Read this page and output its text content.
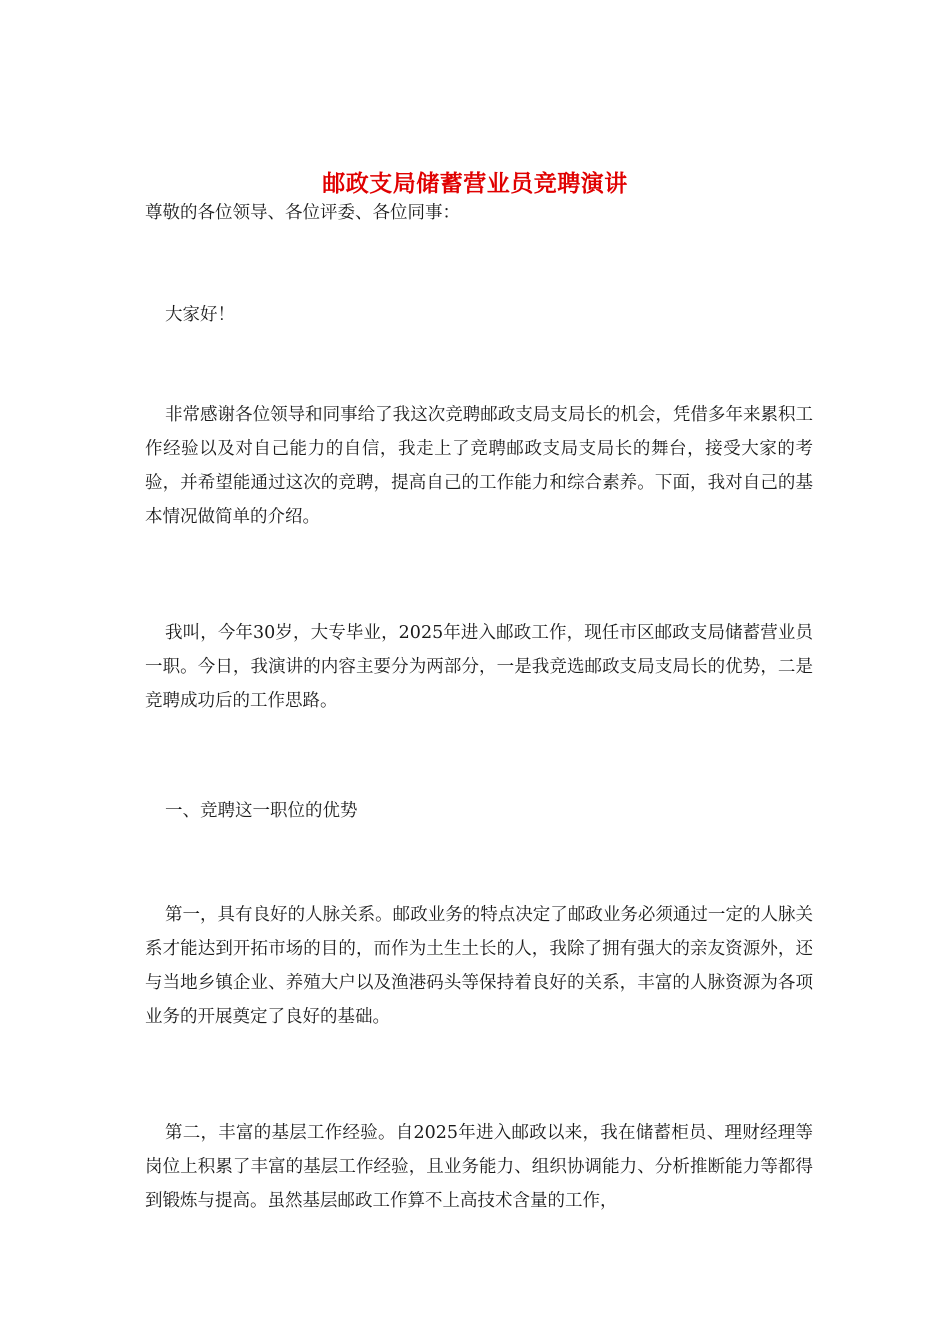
邮政支局储蓄营业员竞聘演讲

尊敬的各位领导、各位评委、各位同事：

大家好！

非常感谢各位领导和同事给了我这次竞聘邮政支局支局长的机会，凭借多年来累积工作经验以及对自己能力的自信，我走上了竞聘邮政支局支局长的舞台，接受大家的考验，并希望能通过这次的竞聘，提高自己的工作能力和综合素养。下面，我对自己的基本情况做简单的介绍。

我叫，今年30岁，大专毕业，2025年进入邮政工作，现任市区邮政支局储蓄营业员一职。今日，我演讲的内容主要分为两部分，一是我竞选邮政支局支局长的优势，二是竞聘成功后的工作思路。

一、竞聘这一职位的优势

第一，具有良好的人脉关系。邮政业务的特点决定了邮政业务必须通过一定的人脉关系才能达到开拓市场的目的，而作为土生土长的人，我除了拥有强大的亲友资源外，还与当地乡镇企业、养殖大户以及渔港码头等保持着良好的关系，丰富的人脉资源为各项业务的开展奠定了良好的基础。

第二，丰富的基层工作经验。自2025年进入邮政以来，我在储蓄柜员、理财经理等岗位上积累了丰富的基层工作经验，且业务能力、组织协调能力、分析推断能力等都得到锻炼与提高。虽然基层邮政工作算不上高技术含量的工作，
